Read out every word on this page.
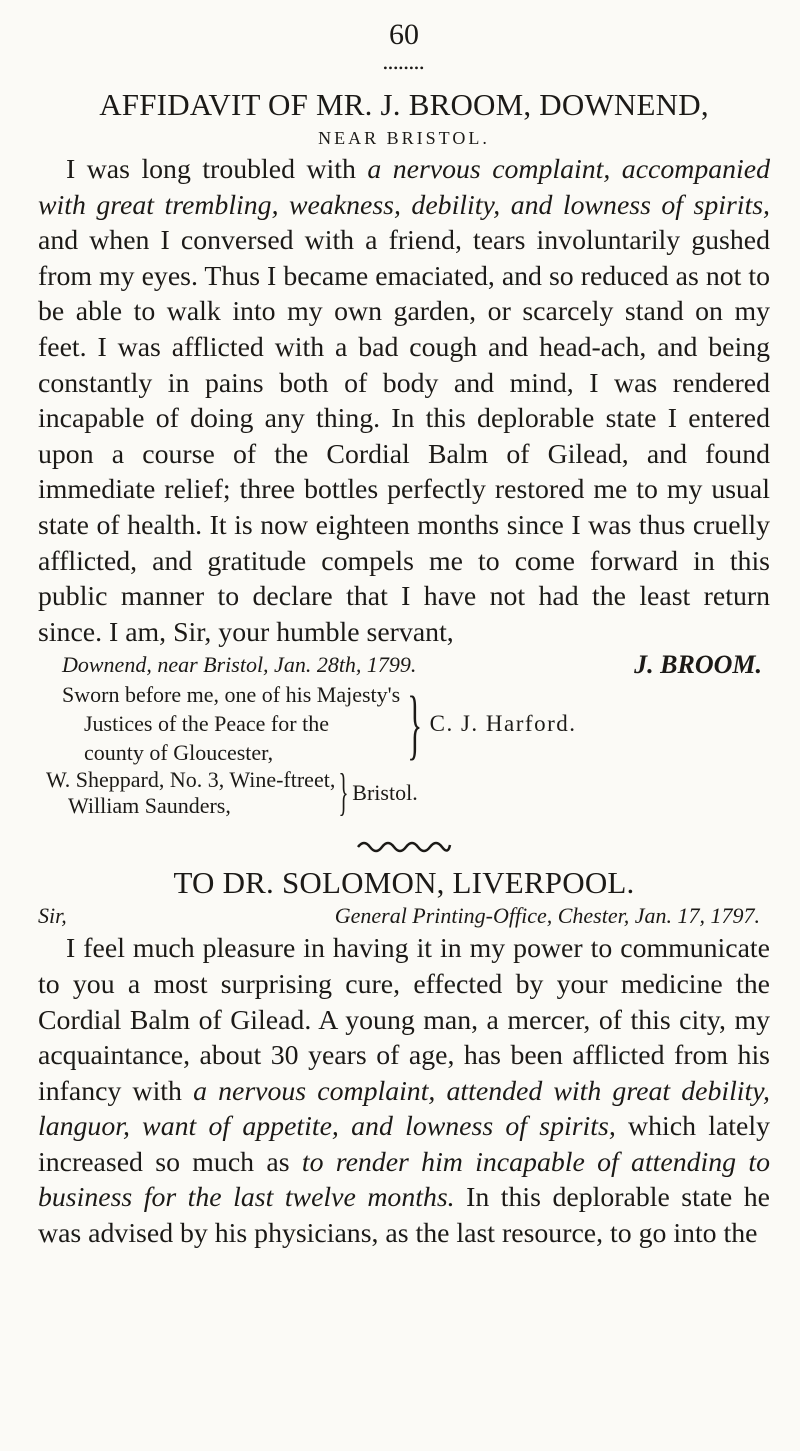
60
••••••••
AFFIDAVIT OF MR. J. BROOM, DOWNEND,
NEAR BRISTOL.

I was long troubled with a nervous complaint, accompanied with great trembling, weakness, debility, and lowness of spirits, and when I conversed with a friend, tears involuntarily gushed from my eyes. Thus I became emaciated, and so reduced as not to be able to walk into my own garden, or scarcely stand on my feet. I was afflicted with a bad cough and head-ach, and being constantly in pains both of body and mind, I was rendered incapable of doing any thing. In this deplorable state I entered upon a course of the Cordial Balm of Gilead, and found immediate relief; three bottles perfectly restored me to my usual state of health. It is now eighteen months since I was thus cruelly afflicted, and gratitude compels me to come forward in this public manner to declare that I have not had the least return since. I am, Sir, your humble servant,

Downend, near Bristol, Jan. 28th, 1799.	J. BROOM.
Sworn before me, one of his Majesty's
Justices of the Peace for the
county of Gloucester,	} C. J. Harford.
W. Sheppard, No. 3, Wine-ftreet,
William Saunders,	} Bristol.
TO DR. SOLOMON, LIVERPOOL.
Sir,	General Printing-Office, Chester, Jan. 17, 1797.

I feel much pleasure in having it in my power to communicate to you a most surprising cure, effected by your medicine the Cordial Balm of Gilead. A young man, a mercer, of this city, my acquaintance, about 30 years of age, has been afflicted from his infancy with a nervous complaint, attended with great debility, languor, want of appetite, and lowness of spirits, which lately increased so much as to render him incapable of attending to business for the last twelve months. In this deplorable state he was advised by his physicians, as the last resource, to go into the
